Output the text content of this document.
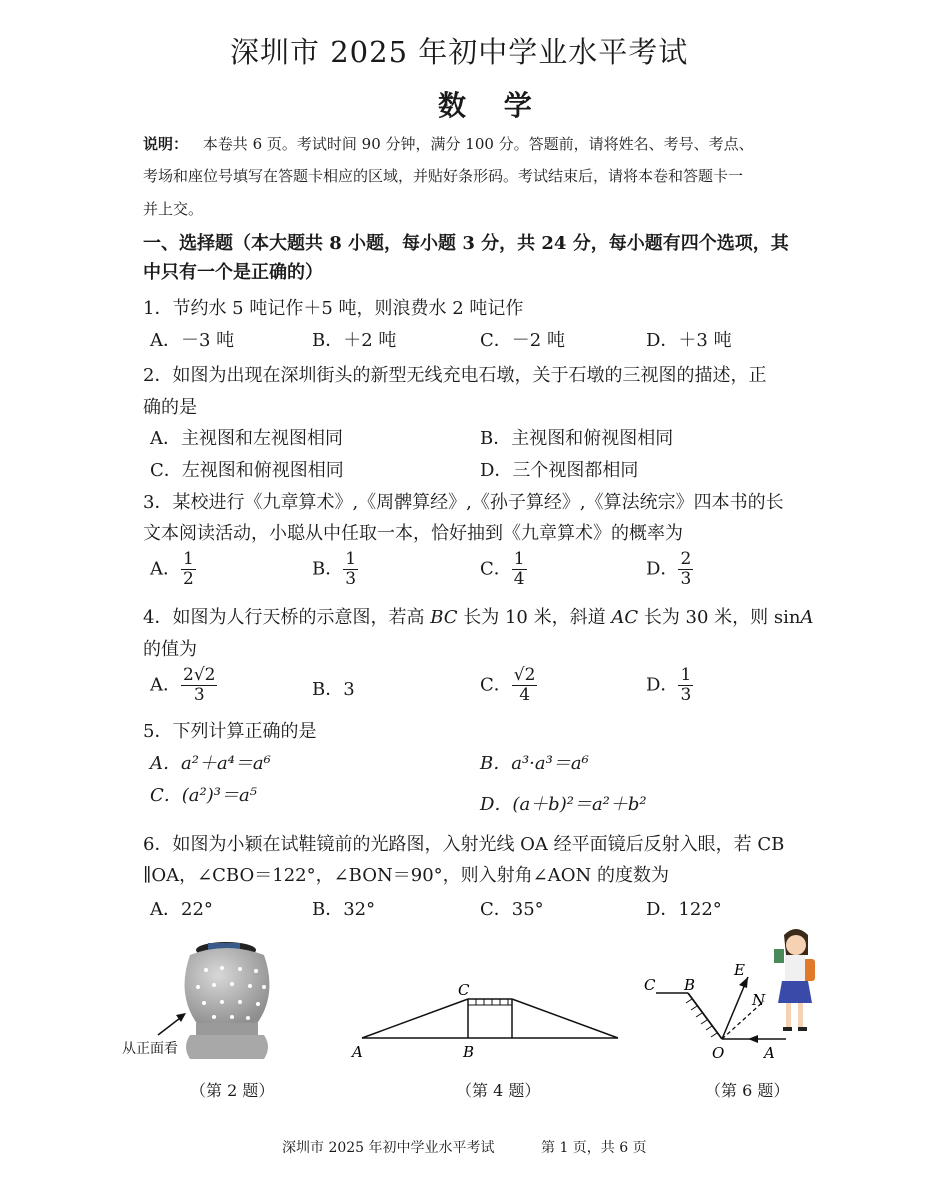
深圳市 2025 年初中学业水平考试
数 学
说明： 本卷共 6 页。考试时间 90 分钟，满分 100 分。答题前，请将姓名、考号、考点、
考场和座位号填写在答题卡相应的区域，并贴好条形码。考试结束后，请将本卷和答题卡一
并上交。
一、选择题（本大题共 8 小题，每小题 3 分，共 24 分，每小题有四个选项，其
中只有一个是正确的）
1．节约水 5 吨记作＋5 吨，则浪费水 2 吨记作
A．－3 吨	B．＋2 吨	C．－2 吨	D．＋3 吨
2．如图为出现在深圳街头的新型无线充电石墩，关于石墩的三视图的描述，正
确的是
A．主视图和左视图相同	B．主视图和俯视图相同
C．左视图和俯视图相同	D．三个视图都相同
3．某校进行《九章算术》,《周髀算经》,《孙子算经》,《算法统宗》四本书的长
文本阅读活动，小聪从中任取一本，恰好抽到《九章算术》的概率为
A． $\frac{1}{2}$	B． $\frac{1}{3}$	C． $\frac{1}{4}$	D． $\frac{2}{3}$
4．如图为人行天桥的示意图，若高 BC 长为 10 米，斜道 AC 长为 30 米，则 sinA
的值为
A． $\frac{2√2}{3}$	B．3	C． $\frac{√2}{4}$	D． $\frac{1}{3}$
5．下列计算正确的是
A．a²＋a⁴＝a⁶	B．a³·a³＝a⁶
C．(a²)³＝a⁵	D．(a＋b)²＝a²＋b²
6．如图为小颖在试鞋镜前的光路图，入射光线 OA 经平面镜后反射入眼，若 CB
∥OA，∠CBO＝122°，∠BON＝90°，则入射角∠AON 的度数为
A．22°	B．32°	C．35°	D．122°
从正面看
（第 2 题）
A	B
C
（第 4 题）
C B
E
N
O	A
（第 6 题）
深圳市 2025 年初中学业水平考试	第 1 页，共 6 页
